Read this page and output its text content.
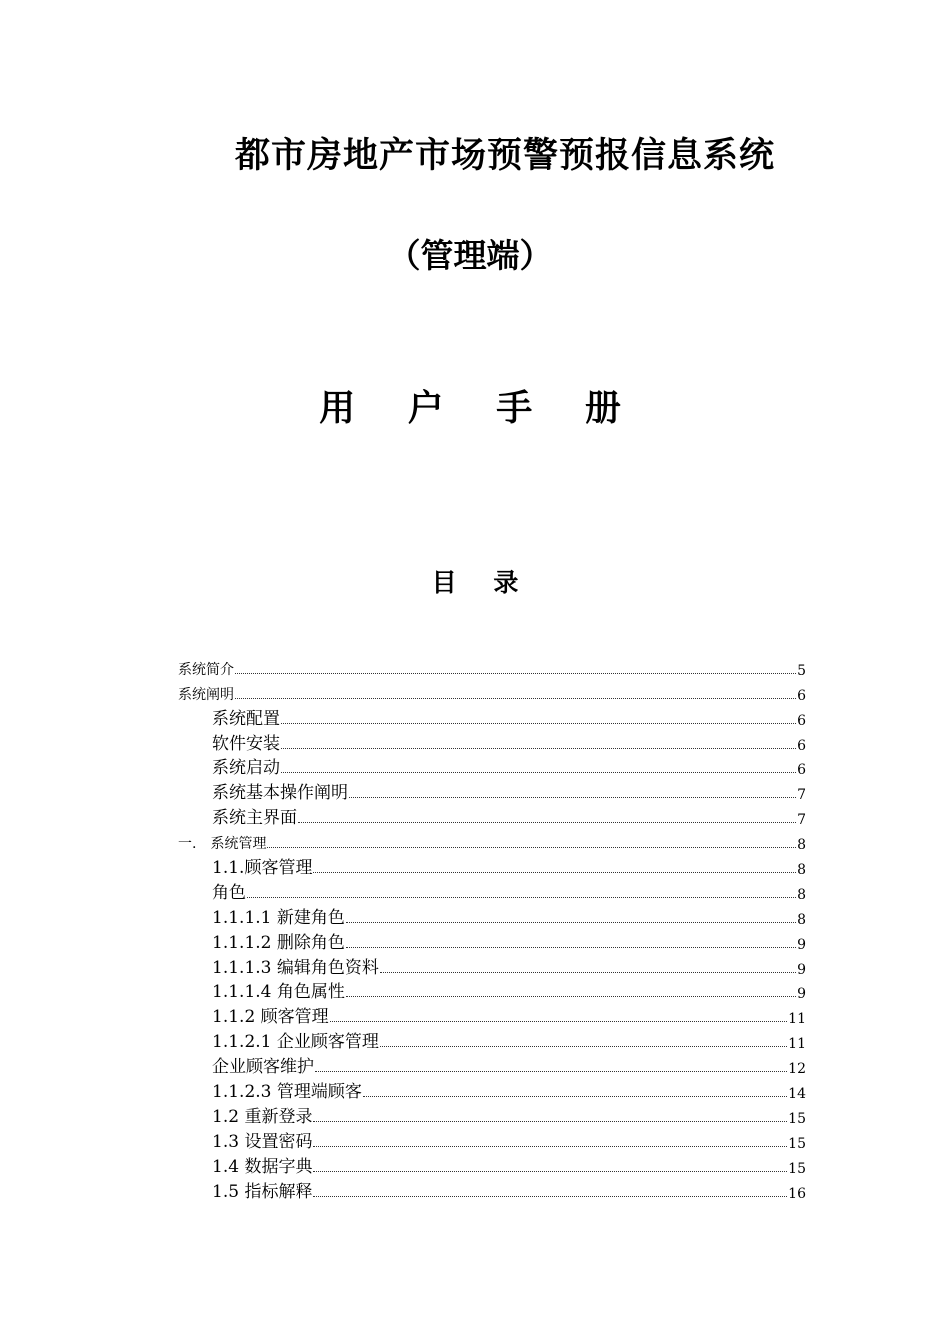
都市房地产市场预警预报信息系统
（管理端）
用 户 手 册
目 录
系统简介	5
系统阐明	6
系统配置	6
软件安装	6
系统启动	6
系统基本操作阐明	7
系统主界面	7
一. 系统管理	8
1.1.顾客管理	8
角色	8
1.1.1.1 新建角色	8
1.1.1.2 删除角色	9
1.1.1.3 编辑角色资料	9
1.1.1.4 角色属性	9
1.1.2 顾客管理	11
1.1.2.1 企业顾客管理	11
企业顾客维护	12
1.1.2.3 管理端顾客	14
1.2 重新登录	15
1.3 设置密码	15
1.4 数据字典	15
1.5 指标解释	16
